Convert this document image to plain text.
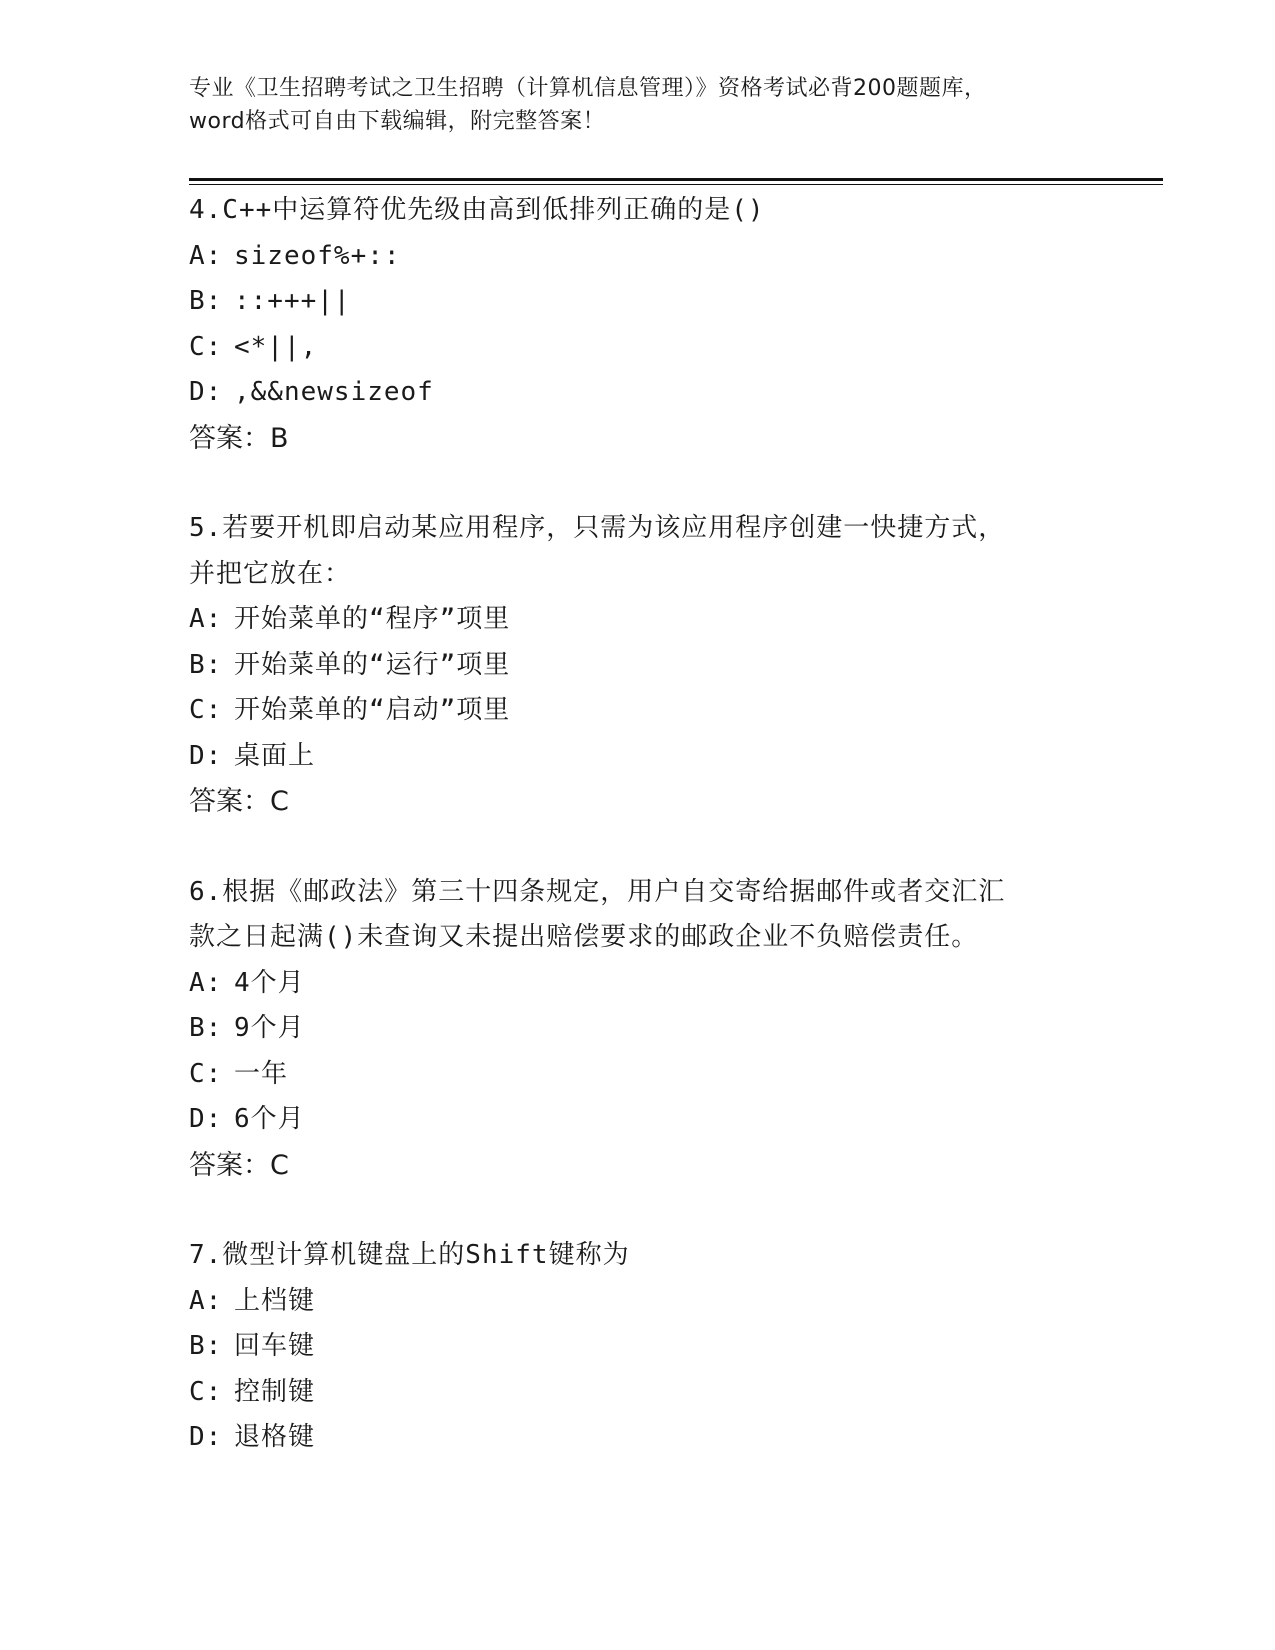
专业《卫生招聘考试之卫生招聘（计算机信息管理）》资格考试必背200题题库，
word格式可自由下载编辑，附完整答案！
4.C++中运算符优先级由高到低排列正确的是()
A: sizeof%+::
B: ::+++||
C: <*||,
D: ,&&newsizeof
答案：B
5.若要开机即启动某应用程序，只需为该应用程序创建一快捷方式，
并把它放在：
A: 开始菜单的“程序”项里
B: 开始菜单的“运行”项里
C: 开始菜单的“启动”项里
D: 桌面上
答案：C
6.根据《邮政法》第三十四条规定，用户自交寄给据邮件或者交汇汇
款之日起满()未查询又未提出赔偿要求的邮政企业不负赔偿责任。
A: 4个月
B: 9个月
C: 一年
D: 6个月
答案：C
7.微型计算机键盘上的Shift键称为
A: 上档键
B: 回车键
C: 控制键
D: 退格键
